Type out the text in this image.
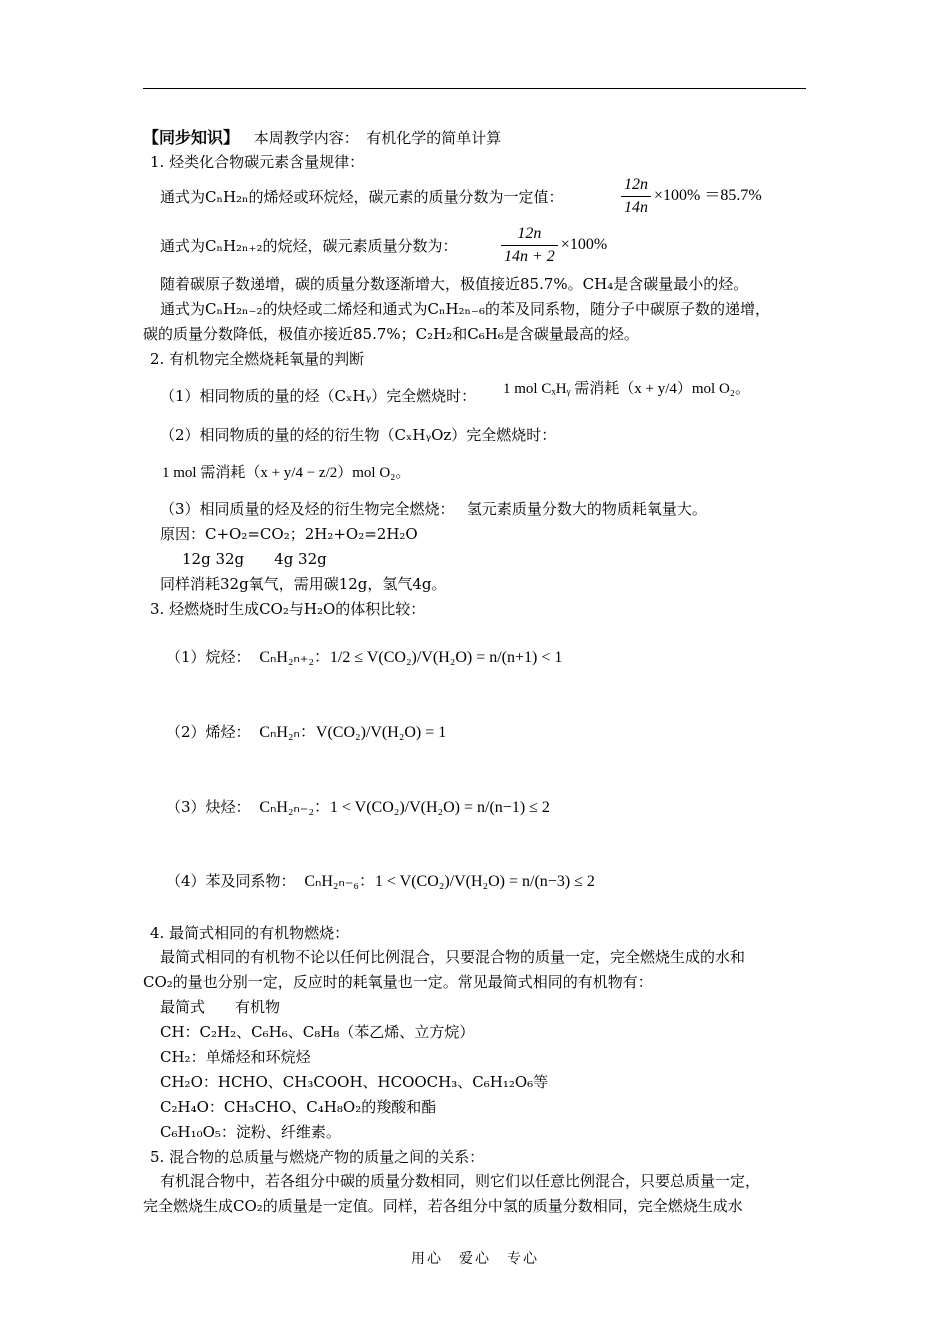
【同步知识】 本周教学内容：　有机化学的简单计算
1. 烃类化合物碳元素含量规律：
通式为CₙH₂ₙ的烯烃或环烷烃，碳元素的质量分数为一定值：	$\frac{12n}{14n} \times 100\% =85.7\%$
通式为CₙH₂ₙ₊₂的烷烃，碳元素质量分数为：	$\frac{12n}{14n + 2} \times 100\%$
随着碳原子数递增，碳的质量分数逐渐增大，极值接近85.7%。CH₄是含碳量最小的烃。
通式为CₙH₂ₙ₋₂的炔烃或二烯烃和通式为CₙH₂ₙ₋₆的苯及同系物，随分子中碳原子数的递增，
碳的质量分数降低，极值亦接近85.7%；C₂H₂和C₆H₆是含碳量最高的烃。
2. 有机物完全燃烧耗氧量的判断
（1）相同物质的量的烃（CₓHᵧ）完全燃烧时： 1 mol CₓHᵧ 需消耗（x + y/4）mol O₂。
（2）相同物质的量的烃的衍生物（CₓHᵧOz）完全燃烧时：
1 mol 需消耗（x + y/4 − z/2）mol O₂。
（3）相同质量的烃及烃的衍生物完全燃烧：　 氢元素质量分数大的物质耗氧量大。
原因：C+O₂=CO₂；2H₂+O₂=2H₂O
12g 32g　　4g 32g
同样消耗32g氧气，需用碳12g，氢气4g。
3. 烃燃烧时生成CO₂与H₂O的体积比较：
（1）烷烃： CₙH₂ₙ₊₂：1/2 ≤ V(CO₂)/V(H₂O) = n/(n+1) < 1
（2）烯烃： CₙH₂ₙ：V(CO₂)/V(H₂O) = 1
（3）炔烃： CₙH₂ₙ₋₂：1 < V(CO₂)/V(H₂O) = n/(n−1) ≤ 2
（4）苯及同系物： CₙH₂ₙ₋₆：1 < V(CO₂)/V(H₂O) = n/(n−3) ≤ 2
4. 最简式相同的有机物燃烧：
最简式相同的有机物不论以任何比例混合，只要混合物的质量一定，完全燃烧生成的水和
CO₂的量也分别一定，反应时的耗氧量也一定。常见最简式相同的有机物有：
最简式　　有机物
CH：C₂H₂、C₆H₆、C₈H₈（苯乙烯、立方烷）
CH₂：单烯烃和环烷烃
CH₂O：HCHO、CH₃COOH、HCOOCH₃、C₆H₁₂O₆等
C₂H₄O：CH₃CHO、C₄H₈O₂的羧酸和酯
C₆H₁₀O₅：淀粉、纤维素。
5. 混合物的总质量与燃烧产物的质量之间的关系：
有机混合物中，若各组分中碳的质量分数相同，则它们以任意比例混合，只要总质量一定，
完全燃烧生成CO₂的质量是一定值。同样，若各组分中氢的质量分数相同，完全燃烧生成水
用心　爱心　专心
